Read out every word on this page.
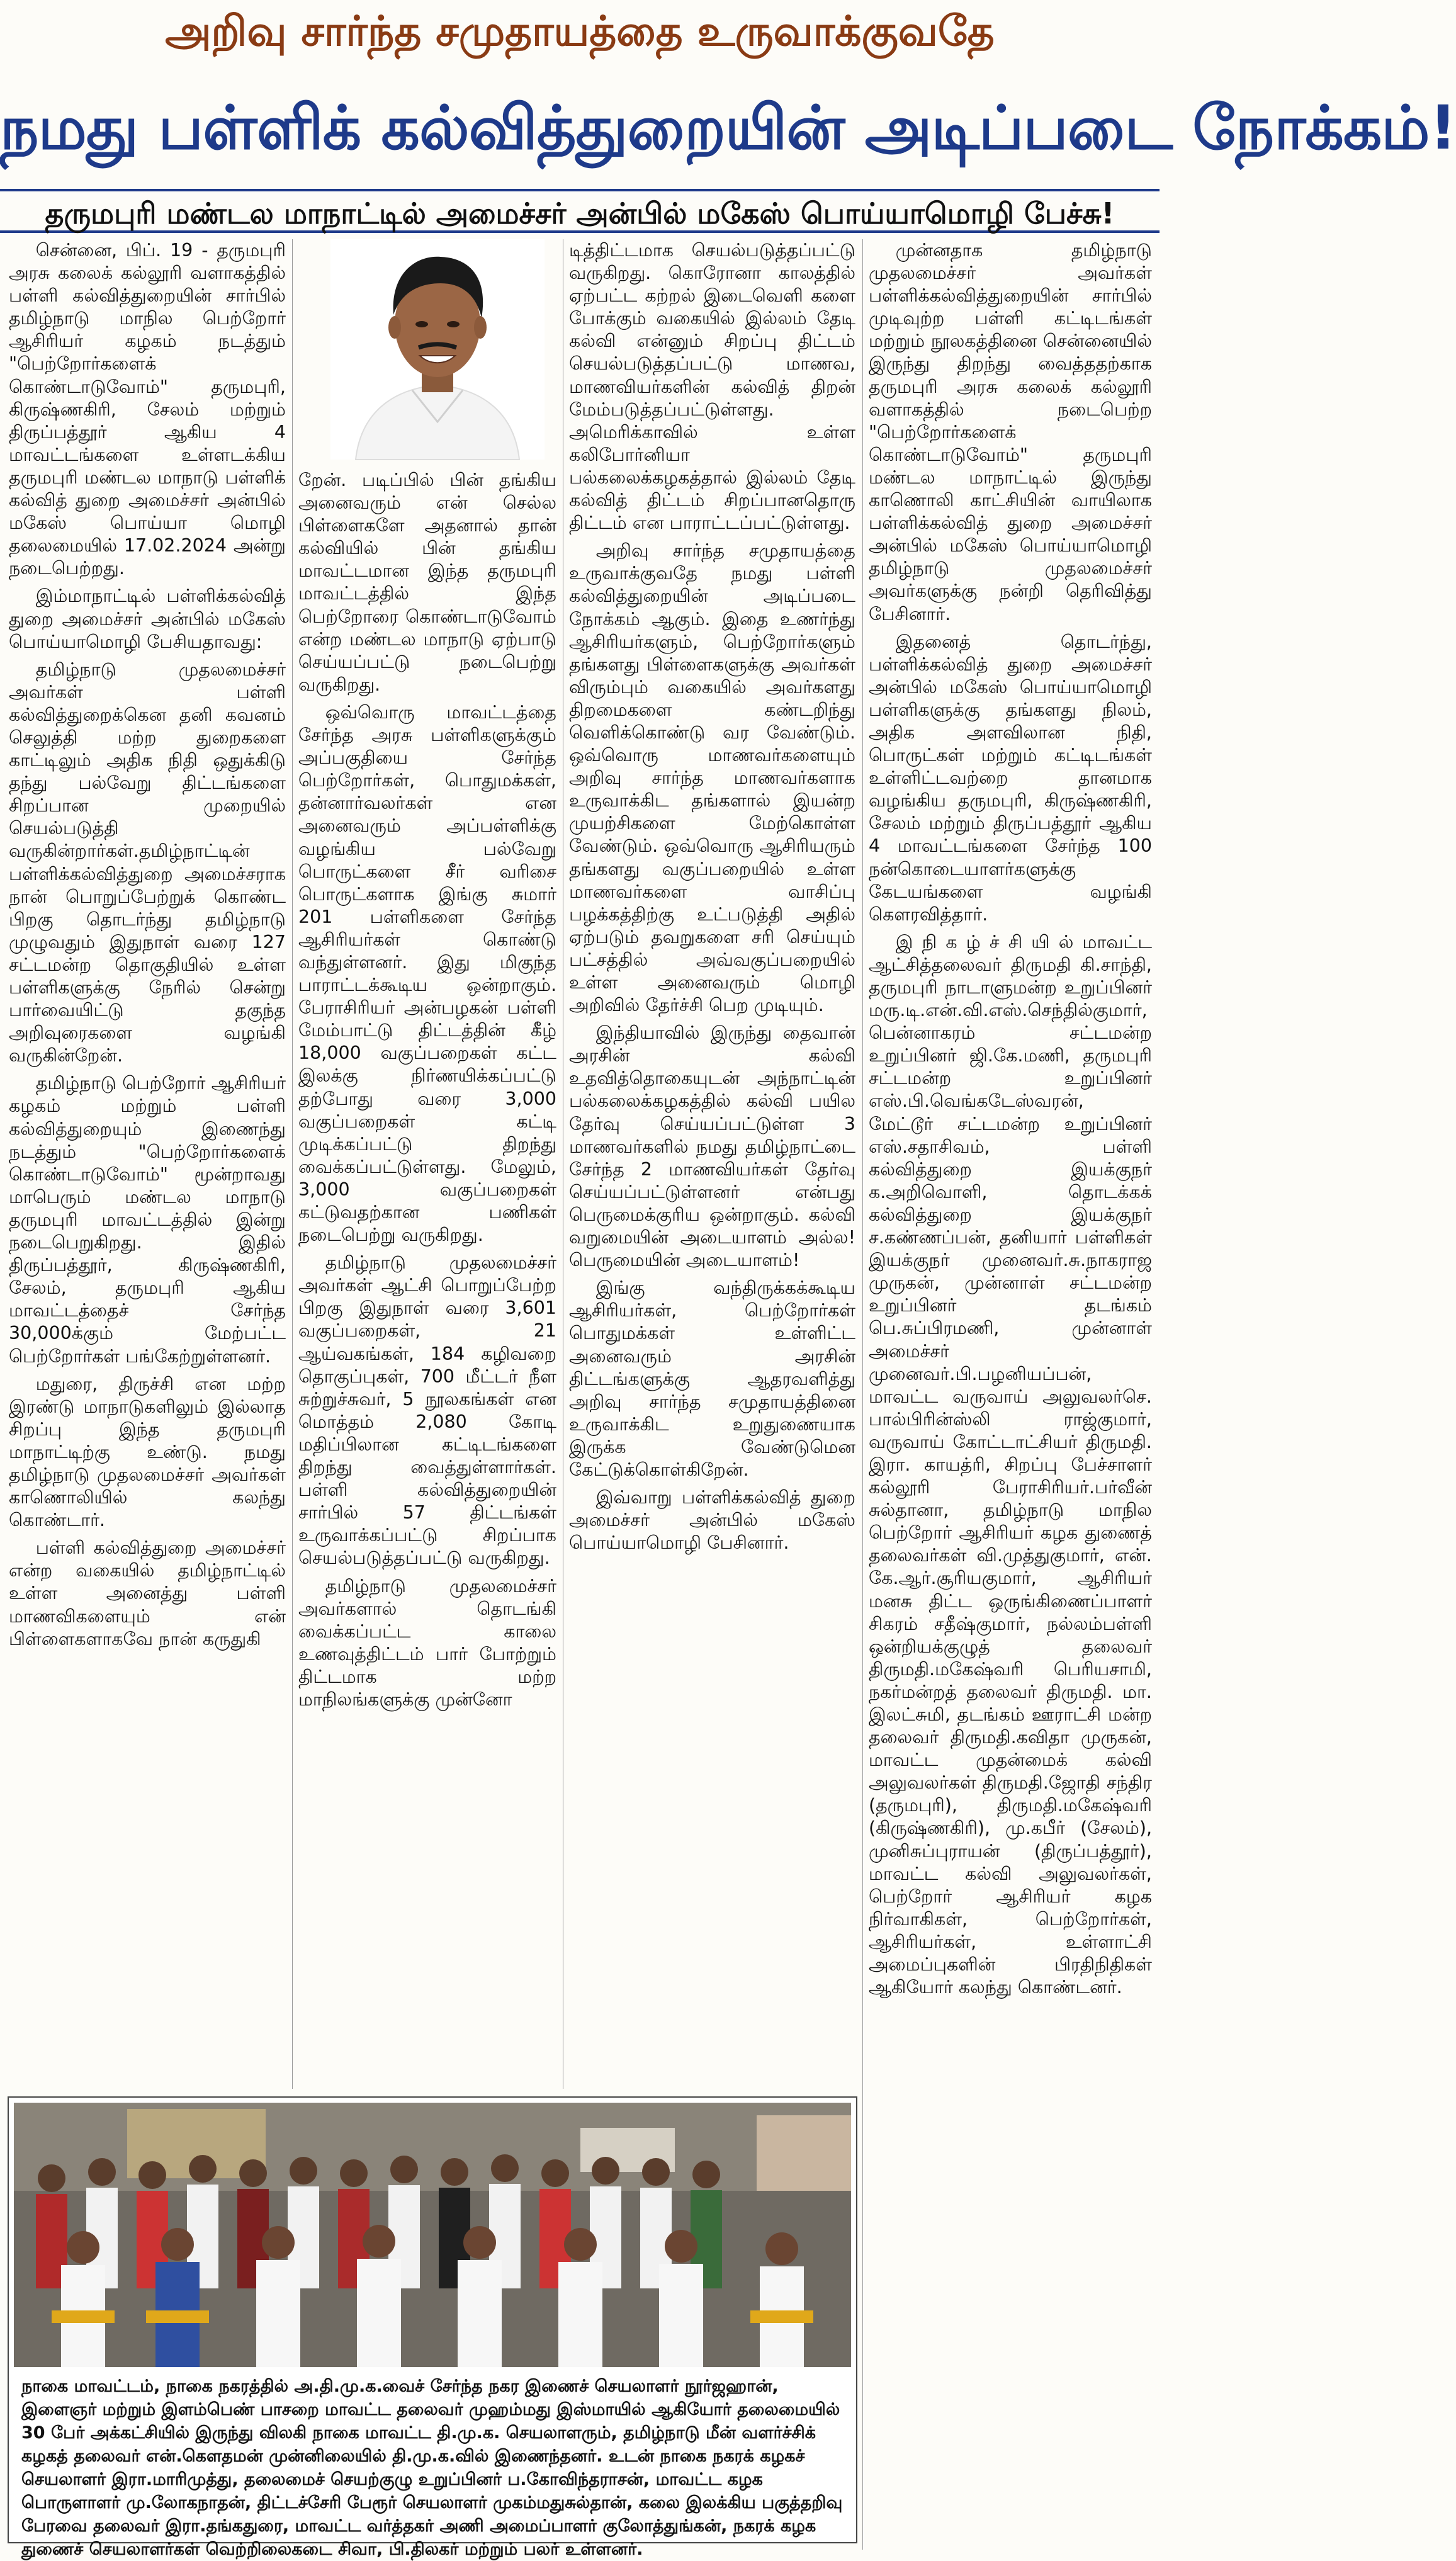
அறிவு சார்ந்த சமுதாயத்தை உருவாக்குவதே
நமது பள்ளிக் கல்வித்துறையின் அடிப்படை நோக்கம்!
தருமபுரி மண்டல மாநாட்டில் அமைச்சர் அன்பில் மகேஸ் பொய்யாமொழி பேச்சு!

சென்னை, பிப். 19 - தருமபுரி அரசு கலைக் கல்லூரி வளாகத்தில் பள்ளி கல்வித்துறையின் சார்பில் தமிழ்நாடு மாநில பெற்றோர் ஆசிரியர் கழகம் நடத்தும் "பெற்றோர்களைக் கொண்டாடுவோம்" தருமபுரி, கிருஷ்ணகிரி, சேலம் மற்றும் திருப்பத்தூர் ஆகிய 4 மாவட்டங்களை உள்ளடக்கிய தருமபுரி மண்டல மாநாடு பள்ளிக் கல்வித் துறை அமைச்சர் அன்பில் மகேஸ் பொய்யா மொழி தலைமையில் 17.02.2024 அன்று நடைபெற்றது.

இம்மாநாட்டில் பள்ளிக்கல்வித் துறை அமைச்சர் அன்பில் மகேஸ் பொய்யாமொழி பேசியதாவது:

தமிழ்நாடு முதலமைச்சர் அவர்கள் பள்ளி கல்வித்துறைக்கென தனி கவனம் செலுத்தி மற்ற துறைகளை காட்டிலும் அதிக நிதி ஒதுக்கிடு தந்து பல்வேறு திட்டங்களை சிறப்பான முறையில் செயல்படுத்தி வருகின்றார்கள்.தமிழ்நாட்டின் பள்ளிக்கல்வித்துறை அமைச்சராக நான் பொறுப்பேற்றுக் கொண்ட பிறகு தொடர்ந்து தமிழ்நாடு முழுவதும் இதுநாள் வரை 127 சட்டமன்ற தொகுதியில் உள்ள பள்ளிகளுக்கு நேரில் சென்று பார்வையிட்டு தகுந்த அறிவுரைகளை வழங்கி வருகின்றேன்.

தமிழ்நாடு பெற்றோர் ஆசிரியர் கழகம் மற்றும் பள்ளி கல்வித்துறையும் இணைந்து நடத்தும் "பெற்றோர்களைக் கொண்டாடுவோம்" மூன்றாவது மாபெரும் மண்டல மாநாடு தருமபுரி மாவட்டத்தில் இன்று நடைபெறுகிறது. இதில் திருப்பத்தூர், கிருஷ்ணகிரி, சேலம், தருமபுரி ஆகிய மாவட்டத்தைச் சேர்ந்த 30,000க்கும் மேற்பட்ட பெற்றோர்கள் பங்கேற்றுள்ளனர்.

மதுரை, திருச்சி என மற்ற இரண்டு மாநாடுகளிலும் இல்லாத சிறப்பு இந்த தருமபுரி மாநாட்டிற்கு உண்டு. நமது தமிழ்நாடு முதலமைச்சர் அவர்கள் காணொலியில் கலந்து கொண்டார்.

பள்ளி கல்வித்துறை அமைச்சர் என்ற வகையில் தமிழ்நாட்டில் உள்ள அனைத்து பள்ளி மாணவிகளையும் என் பிள்ளைகளாகவே நான் கருதுகி

றேன். படிப்பில் பின் தங்கிய அனைவரும் என் செல்ல பிள்ளைகளே அதனால் தான் கல்வியில் பின் தங்கிய மாவட்டமான இந்த தருமபுரி மாவட்டத்தில் இந்த பெற்றோரை கொண்டாடுவோம் என்ற மண்டல மாநாடு ஏற்பாடு செய்யப்பட்டு நடைபெற்று வருகிறது.

ஒவ்வொரு மாவட்டத்தை சேர்ந்த அரசு பள்ளிகளுக்கும் அப்பகுதியை சேர்ந்த பெற்றோர்கள், பொதுமக்கள், தன்னார்வலர்கள் என அனைவரும் அப்பள்ளிக்கு வழங்கிய பல்வேறு பொருட்களை சீர் வரிசை பொருட்களாக இங்கு சுமார் 201 பள்ளிகளை சேர்ந்த ஆசிரியர்கள் கொண்டு வந்துள்ளனர். இது மிகுந்த பாராட்டக்கூடிய ஒன்றாகும். பேராசிரியர் அன்பழகன் பள்ளி மேம்பாட்டு திட்டத்தின் கீழ் 18,000 வகுப்பறைகள் கட்ட இலக்கு நிர்ணயிக்கப்பட்டு தற்போது வரை 3,000 வகுப்பறைகள் கட்டி முடிக்கப்பட்டு திறந்து வைக்கப்பட்டுள்ளது. மேலும், 3,000 வகுப்பறைகள் கட்டுவதற்கான பணிகள் நடைபெற்று வருகிறது.

தமிழ்நாடு முதலமைச்சர் அவர்கள் ஆட்சி பொறுப்பேற்ற பிறகு இதுநாள் வரை 3,601 வகுப்பறைகள், 21 ஆய்வகங்கள், 184 கழிவறை தொகுப்புகள், 700 மீட்டர் நீள சுற்றுச்சுவர், 5 நூலகங்கள் என மொத்தம் 2,080 கோடி மதிப்பிலான கட்டிடங்களை திறந்து வைத்துள்ளார்கள். பள்ளி கல்வித்துறையின் சார்பில் 57 திட்டங்கள் உருவாக்கப்பட்டு சிறப்பாக செயல்படுத்தப்பட்டு வருகிறது.

தமிழ்நாடு முதலமைச்சர் அவர்களால் தொடங்கி வைக்கப்பட்ட காலை உணவுத்திட்டம் பார் போற்றும் திட்டமாக மற்ற மாநிலங்களுக்கு முன்னோ

டித்திட்டமாக செயல்படுத்தப்பட்டு வருகிறது. கொரோனா காலத்தில் ஏற்பட்ட கற்றல் இடைவெளி களை போக்கும் வகையில் இல்லம் தேடி கல்வி என்னும் சிறப்பு திட்டம் செயல்படுத்தப்பட்டு மாணவ, மாணவியர்களின் கல்வித் திறன் மேம்படுத்தப்பட்டுள்ளது. அமெரிக்காவில் உள்ள கலிபோர்னியா பல்கலைக்கழகத்தால் இல்லம் தேடி கல்வித் திட்டம் சிறப்பானதொரு திட்டம் என பாராட்டப்பட்டுள்ளது.

அறிவு சார்ந்த சமுதாயத்தை உருவாக்குவதே நமது பள்ளி கல்வித்துறையின் அடிப்படை நோக்கம் ஆகும். இதை உணர்ந்து ஆசிரியர்களும், பெற்றோர்களும் தங்களது பிள்ளைகளுக்கு அவர்கள் விரும்பும் வகையில் அவர்களது திறமைகளை கண்டறிந்து வெளிக்கொண்டு வர வேண்டும். ஒவ்வொரு மாணவர்களையும் அறிவு சார்ந்த மாணவர்களாக உருவாக்கிட தங்களால் இயன்ற முயற்சிகளை மேற்கொள்ள வேண்டும். ஒவ்வொரு ஆசிரியரும் தங்களது வகுப்பறையில் உள்ள மாணவர்களை வாசிப்பு பழக்கத்திற்கு உட்படுத்தி அதில் ஏற்படும் தவறுகளை சரி செய்யும் பட்சத்தில் அவ்வகுப்பறையில் உள்ள அனைவரும் மொழி அறிவில் தேர்ச்சி பெற முடியும்.

இந்தியாவில் இருந்து தைவான் அரசின் கல்வி உதவித்தொகையுடன் அந்நாட்டின் பல்கலைக்கழகத்தில் கல்வி பயில தேர்வு செய்யப்பட்டுள்ள 3 மாணவர்களில் நமது தமிழ்நாட்டை சேர்ந்த 2 மாணவியர்கள் தேர்வு செய்யப்பட்டுள்ளனர் என்பது பெருமைக்குரிய ஒன்றாகும். கல்வி வறுமையின் அடையாளம் அல்ல! பெருமையின் அடையாளம்!

இங்கு வந்திருக்கக்கூடிய ஆசிரியர்கள், பெற்றோர்கள் பொதுமக்கள் உள்ளிட்ட அனைவரும் அரசின் திட்டங்களுக்கு ஆதரவளித்து அறிவு சார்ந்த சமுதாயத்தினை உருவாக்கிட உறுதுணையாக இருக்க வேண்டுமென கேட்டுக்கொள்கிறேன்.

இவ்வாறு பள்ளிக்கல்வித் துறை அமைச்சர் அன்பில் மகேஸ் பொய்யாமொழி பேசினார்.

முன்னதாக தமிழ்நாடு முதலமைச்சர் அவர்கள் பள்ளிக்கல்வித்துறையின் சார்பில் முடிவுற்ற பள்ளி கட்டிடங்கள் மற்றும் நூலகத்தினை சென்னையில் இருந்து திறந்து வைத்ததற்காக தருமபுரி அரசு கலைக் கல்லூரி வளாகத்தில் நடைபெற்ற "பெற்றோர்களைக் கொண்டாடுவோம்" தருமபுரி மண்டல மாநாட்டில் இருந்து காணொலி காட்சியின் வாயிலாக பள்ளிக்கல்வித் துறை அமைச்சர் அன்பில் மகேஸ் பொய்யாமொழி தமிழ்நாடு முதலமைச்சர் அவர்களுக்கு நன்றி தெரிவித்து பேசினார்.

இதனைத் தொடர்ந்து, பள்ளிக்கல்வித் துறை அமைச்சர் அன்பில் மகேஸ் பொய்யாமொழி பள்ளிகளுக்கு தங்களது நிலம், அதிக அளவிலான நிதி, பொருட்கள் மற்றும் கட்டிடங்கள் உள்ளிட்டவற்றை தானமாக வழங்கிய தருமபுரி, கிருஷ்ணகிரி, சேலம் மற்றும் திருப்பத்தூர் ஆகிய 4 மாவட்டங்களை சேர்ந்த 100 நன்கொடையாளர்களுக்கு கேடயங்களை வழங்கி கௌரவித்தார்.

இ நி க ழ் ச் சி யி ல் மாவட்ட ஆட்சித்தலைவர் திருமதி கி.சாந்தி, தருமபுரி நாடாளுமன்ற உறுப்பினர் மரு.டி.என்.வி.எஸ்.செந்தில்குமார், பென்னாகரம் சட்டமன்ற உறுப்பினர் ஜி.கே.மணி, தருமபுரி சட்டமன்ற உறுப்பினர் எஸ்.பி.வெங்கடேஸ்வரன், மேட்டூர் சட்டமன்ற உறுப்பினர் எஸ்.சதாசிவம், பள்ளி கல்வித்துறை இயக்குநர் க.அறிவொளி, தொடக்கக் கல்வித்துறை இயக்குநர் ச.கண்ணப்பன், தனியார் பள்ளிகள் இயக்குநர் முனைவர்.சு.நாகராஜ முருகன், முன்னாள் சட்டமன்ற உறுப்பினர் தடங்கம் பெ.சுப்பிரமணி, முன்னாள் அமைச்சர் முனைவர்.பி.பழனியப்பன், மாவட்ட வருவாய் அலுவலர்செ. பால்பிரின்ஸ்லி ராஜ்குமார், வருவாய் கோட்டாட்சியர் திருமதி. இரா. காயத்ரி, சிறப்பு பேச்சாளர் கல்லூரி பேராசிரியர்.பர்வீன் சுல்தானா, தமிழ்நாடு மாநில பெற்றோர் ஆசிரியர் கழக துணைத் தலைவர்கள் வி.முத்துகுமார், என். கே.ஆர்.சூரியகுமார், ஆசிரியர் மனசு திட்ட ஒருங்கிணைப்பாளர் சிகரம் சதீஷ்குமார், நல்லம்பள்ளி ஒன்றியக்குழுத் தலைவர் திருமதி.மகேஷ்வரி பெரியசாமி, நகர்மன்றத் தலைவர் திருமதி. மா. இலட்சுமி, தடங்கம் ஊராட்சி மன்ற தலைவர் திருமதி.கவிதா முருகன், மாவட்ட முதன்மைக் கல்வி அலுவலர்கள் திருமதி.ஜோதி சந்திர (தருமபுரி), திருமதி.மகேஷ்வரி (கிருஷ்ணகிரி), மு.கபீர் (சேலம்), முனிசுப்புராயன் (திருப்பத்தூர்), மாவட்ட கல்வி அலுவலர்கள், பெற்றோர் ஆசிரியர் கழக நிர்வாகிகள், பெற்றோர்கள், ஆசிரியர்கள், உள்ளாட்சி அமைப்புகளின் பிரதிநிதிகள் ஆகியோர் கலந்து கொண்டனர்.

நாகை மாவட்டம், நாகை நகரத்தில் அ.தி.மு.க.வைச் சேர்ந்த நகர இணைச் செயலாளர் நூர்ஜஹான், இளைஞர் மற்றும் இளம்பெண் பாசறை மாவட்ட தலைவர் முஹம்மது இஸ்மாயில் ஆகியோர் தலைமையில் 30 பேர் அக்கட்சியில் இருந்து விலகி நாகை மாவட்ட தி.மு.க. செயலாளரும், தமிழ்நாடு மீன் வளர்ச்சிக் கழகத் தலைவர் என்.கௌதமன் முன்னிலையில் தி.மு.க.வில் இணைந்தனர். உடன் நாகை நகரக் கழகச் செயலாளர் இரா.மாரிமுத்து, தலைமைச் செயற்குழு உறுப்பினர் ப.கோவிந்தராசன், மாவட்ட கழக பொருளாளர் மு.லோகநாதன், திட்டச்சேரி பேரூர் செயலாளர் முகம்மதுசுல்தான், கலை இலக்கிய பகுத்தறிவு பேரவை தலைவர் இரா.தங்கதுரை, மாவட்ட வர்த்தகர் அணி அமைப்பாளர் குலோத்துங்கன், நகரக் கழக துணைச் செயலாளர்கள் வெற்றிலைகடை சிவா, பி.திலகர் மற்றும் பலர் உள்ளனர்.
